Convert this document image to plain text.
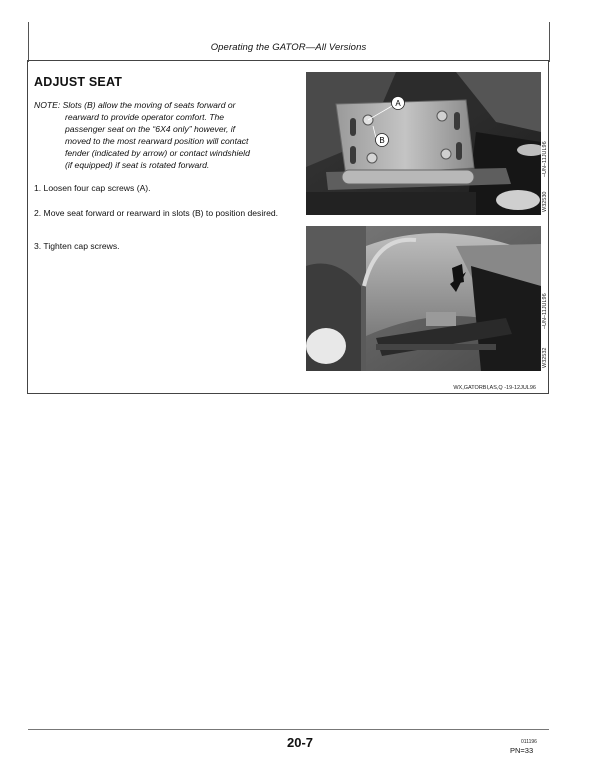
Operating the GATOR—All Versions
ADJUST SEAT
NOTE: Slots (B) allow the moving of seats forward or
rearward to provide operator comfort. The
passenger seat on the “6X4 only” however, if
moved to the most rearward position will contact
fender (indicated by arrow) or contact windshield
(if equipped) if seat is rotated forward.
1. Loosen four cap screws (A).
2. Move seat forward or rearward in slots (B) to position desired.
3. Tighten cap screws.
A
B
W32530
–UN–11JUL96
W32532
–UN–11JUL96
WX,GATORBI,AS,Q -19-12JUL96
20-7	011196
PN=33
